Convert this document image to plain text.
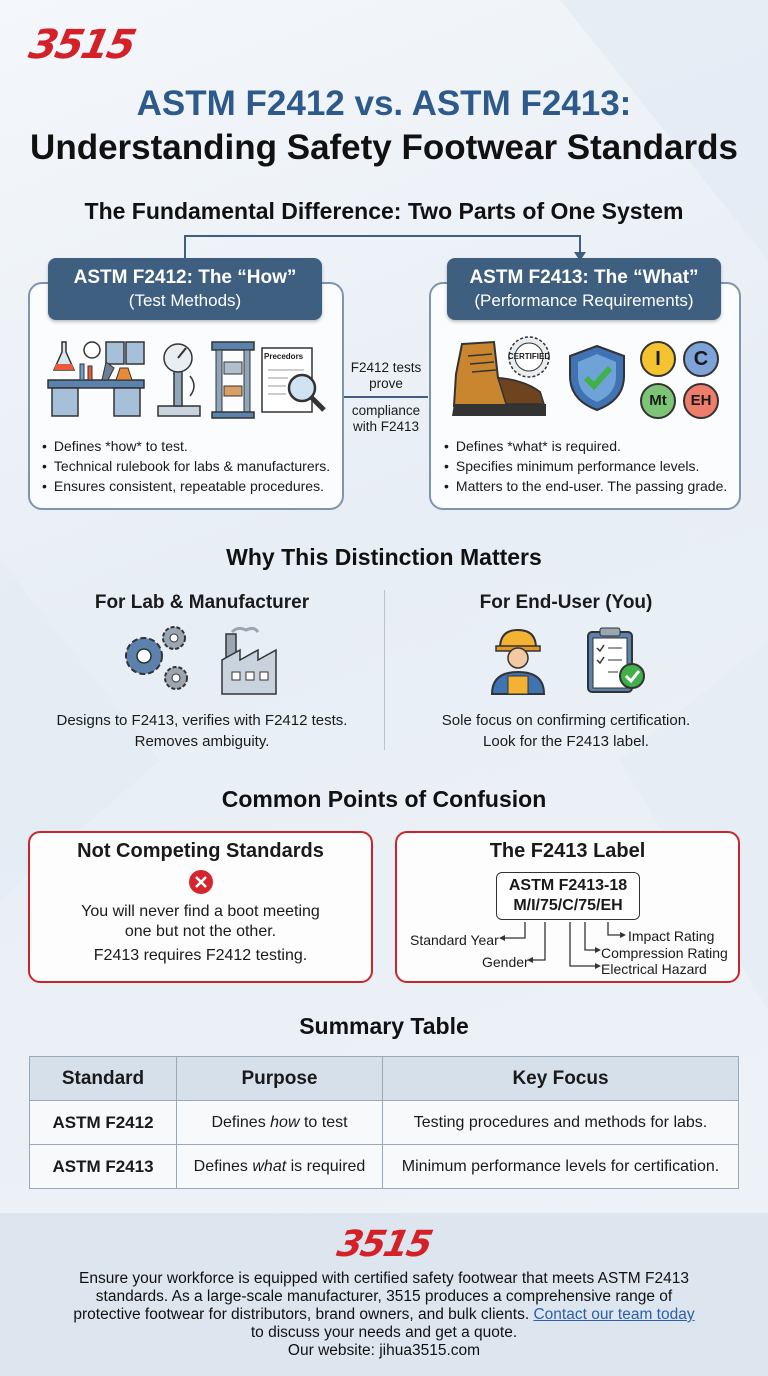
3515
ASTM F2412 vs. ASTM F2413:
Understanding Safety Footwear Standards
The Fundamental Difference: Two Parts of One System
ASTM F2412: The “How”
(Test Methods)
Precedors
• Defines *how* to test.
• Technical rulebook for labs & manufacturers.
• Ensures consistent, repeatable procedures.
F2412 tests
prove
compliance
with F2413
ASTM F2413: The “What”
(Performance Requirements)
CERTIFIED	I	C
Mt	EH
• Defines *what* is required.
• Specifies minimum performance levels.
• Matters to the end-user. The passing grade.
Why This Distinction Matters
For Lab & Manufacturer
Designs to F2413, verifies with F2412 tests.
Removes ambiguity.
For End-User (You)
Sole focus on confirming certification.
Look for the F2413 label.
Common Points of Confusion
Not Competing Standards
You will never find a boot meeting
one but not the other.
F2413 requires F2412 testing.
The F2413 Label
ASTM F2413-18
M/I/75/C/75/EH
Standard Year
Gender
Impact Rating
Compression Rating
Electrical Hazard
Summary Table
Standard	Purpose	Key Focus
ASTM F2412	Defines how to test	Testing procedures and methods for labs.
ASTM F2413	Defines what is required	Minimum performance levels for certification.
3515
Ensure your workforce is equipped with certified safety footwear that meets ASTM F2413
standards. As a large-scale manufacturer, 3515 produces a comprehensive range of
protective footwear for distributors, brand owners, and bulk clients. Contact our team today
to discuss your needs and get a quote.
Our website: jihua3515.com
